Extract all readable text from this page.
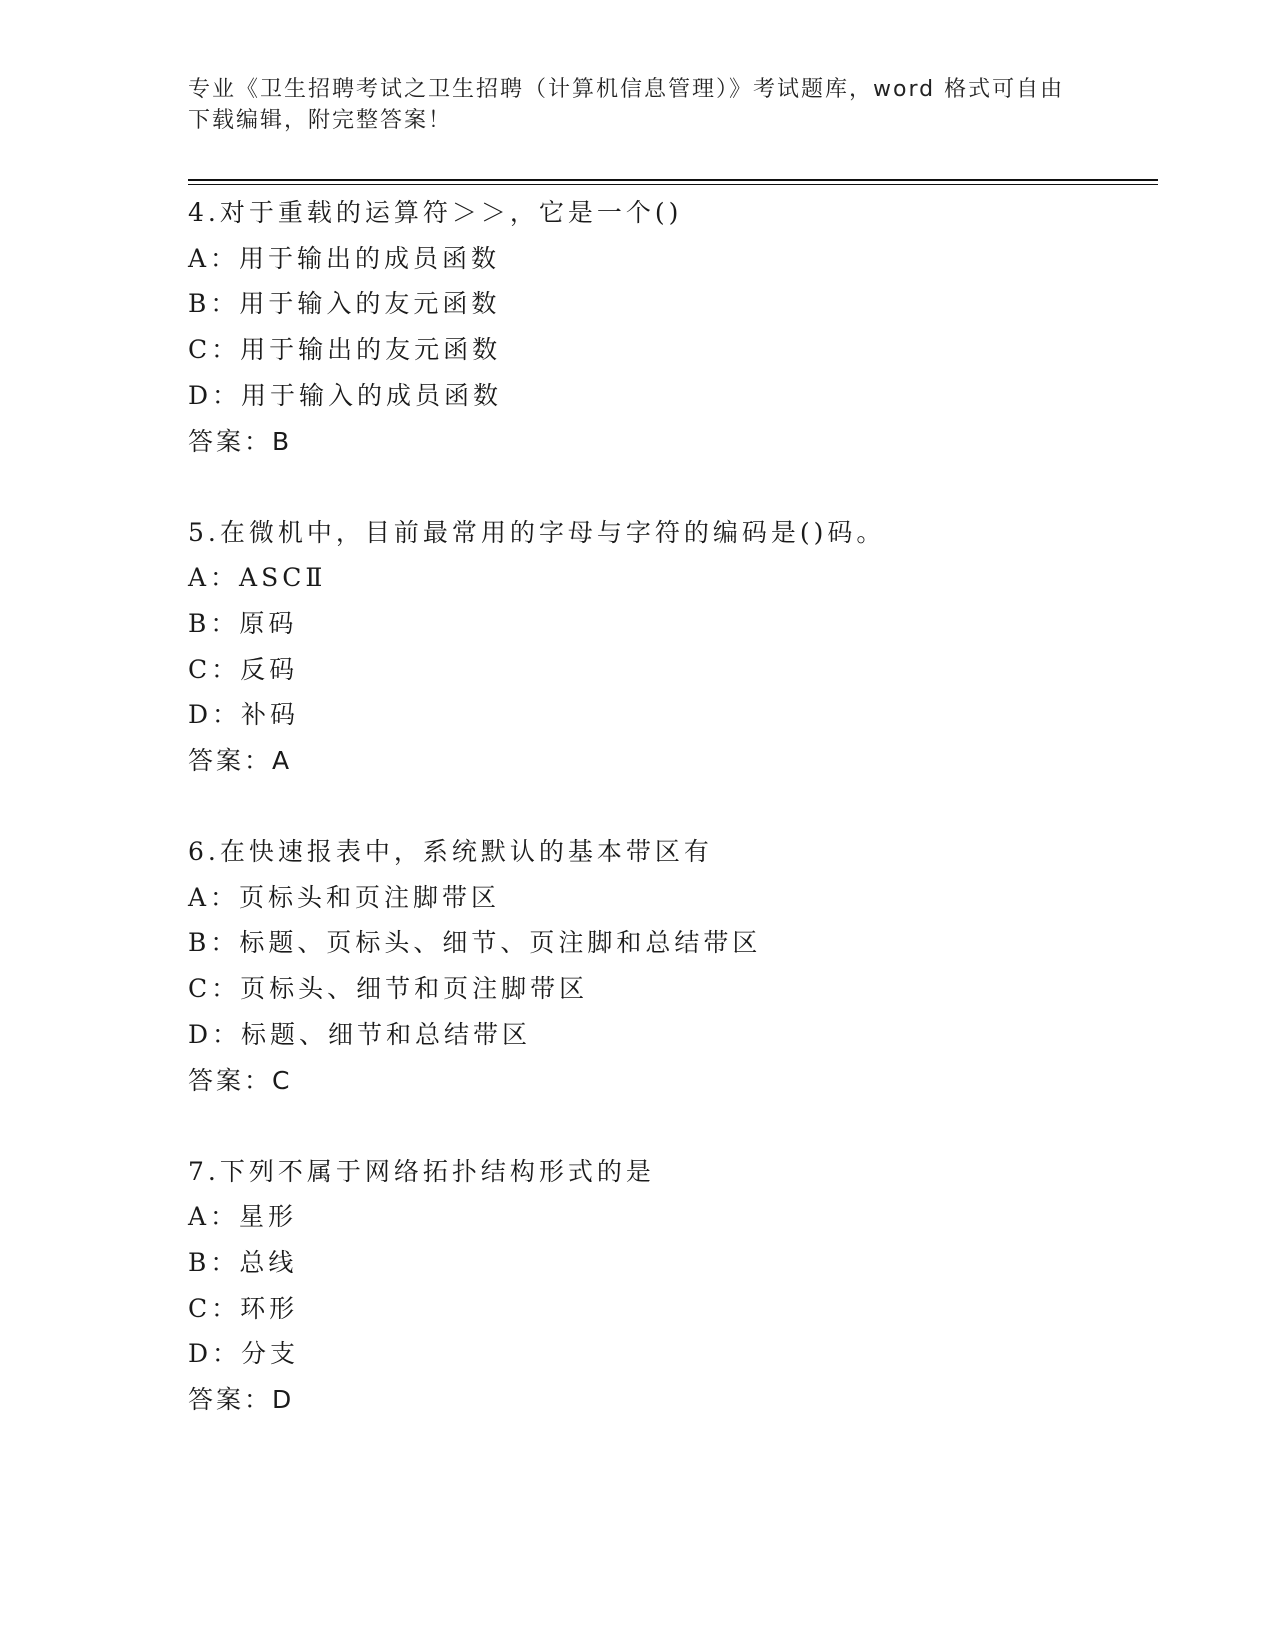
专业《卫生招聘考试之卫生招聘（计算机信息管理）》考试题库，word 格式可自由下载编辑，附完整答案！
4.对于重载的运算符＞＞，它是一个()
A：用于输出的成员函数
B：用于输入的友元函数
C：用于输出的友元函数
D：用于输入的成员函数
答案：B
5.在微机中，目前最常用的字母与字符的编码是()码。
A：ASCⅡ
B：原码
C：反码
D：补码
答案：A
6.在快速报表中，系统默认的基本带区有
A：页标头和页注脚带区
B：标题、页标头、细节、页注脚和总结带区
C：页标头、细节和页注脚带区
D：标题、细节和总结带区
答案：C
7.下列不属于网络拓扑结构形式的是
A：星形
B：总线
C：环形
D：分支
答案：D
